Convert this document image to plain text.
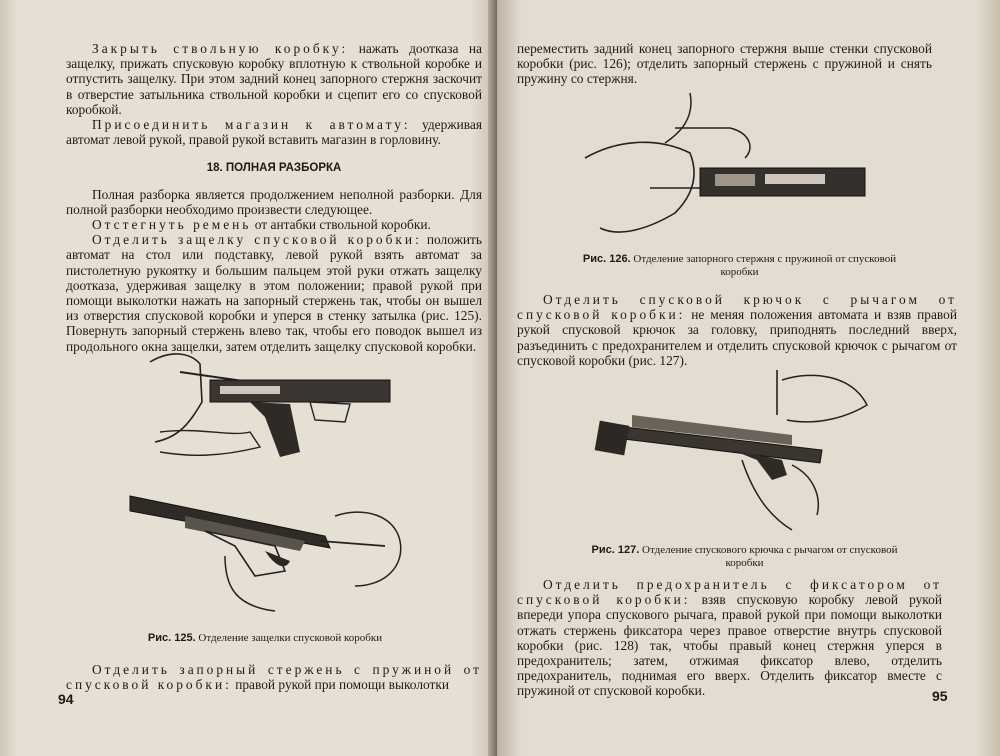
Закрыть ствольную коробку: нажать доотказа на защелку, прижать спусковую коробку вплотную к ствольной коробке и отпустить защелку. При этом задний конец запорного стержня заскочит в отверстие затыльника ствольной коробки и сцепит его со спусковой коробкой.

Присоединить магазин к автомату: удерживая автомат левой рукой, правой рукой вставить магазин в горловину.

18. ПОЛНАЯ РАЗБОРКА

Полная разборка является продолжением неполной разборки. Для полной разборки необходимо произвести следующее.

Отстегнуть ремень от антабки ствольной коробки.

Отделить защелку спусковой коробки: положить автомат на стол или подставку, левой рукой взять автомат за пистолетную рукоятку и большим пальцем этой руки отжать защелку доотказа, удерживая защелку в этом положении; правой рукой при помощи выколотки нажать на запорный стержень так, чтобы он вышел из отверстия спусковой коробки и уперся в стенку затылка (рис. 125). Повернуть запорный стержень влево так, чтобы его поводок вышел из продольного окна защелки, затем отделить защелку спусковой коробки.

Рис. 125. Отделение защелки спусковой коробки

Отделить запорный стержень с пружиной от спусковой коробки: правой рукой при помощи выколотки

94

переместить задний конец запорного стержня выше стенки спусковой коробки (рис. 126); отделить запорный стержень с пружиной и снять пружину со стержня.

Рис. 126. Отделение запорного стержня с пружиной от спусковой коробки

Отделить спусковой крючок с рычагом от спусковой коробки: не меняя положения автомата и взяв правой рукой спусковой крючок за головку, приподнять последний вверх, разъединить с предохранителем и отделить спусковой крючок с рычагом от спусковой коробки (рис. 127).

Рис. 127. Отделение спускового крючка с рычагом от спусковой коробки

Отделить предохранитель с фиксатором от спусковой коробки: взяв спусковую коробку левой рукой впереди упора спускового рычага, правой рукой при помощи выколотки отжать стержень фиксатора через правое отверстие внутрь спусковой коробки (рис. 128) так, чтобы правый конец стержня уперся в предохранитель; затем, отжимая фиксатор влево, отделить предохранитель, поднимая его вверх. Отделить фиксатор вместе с пружиной от спусковой коробки.	95
